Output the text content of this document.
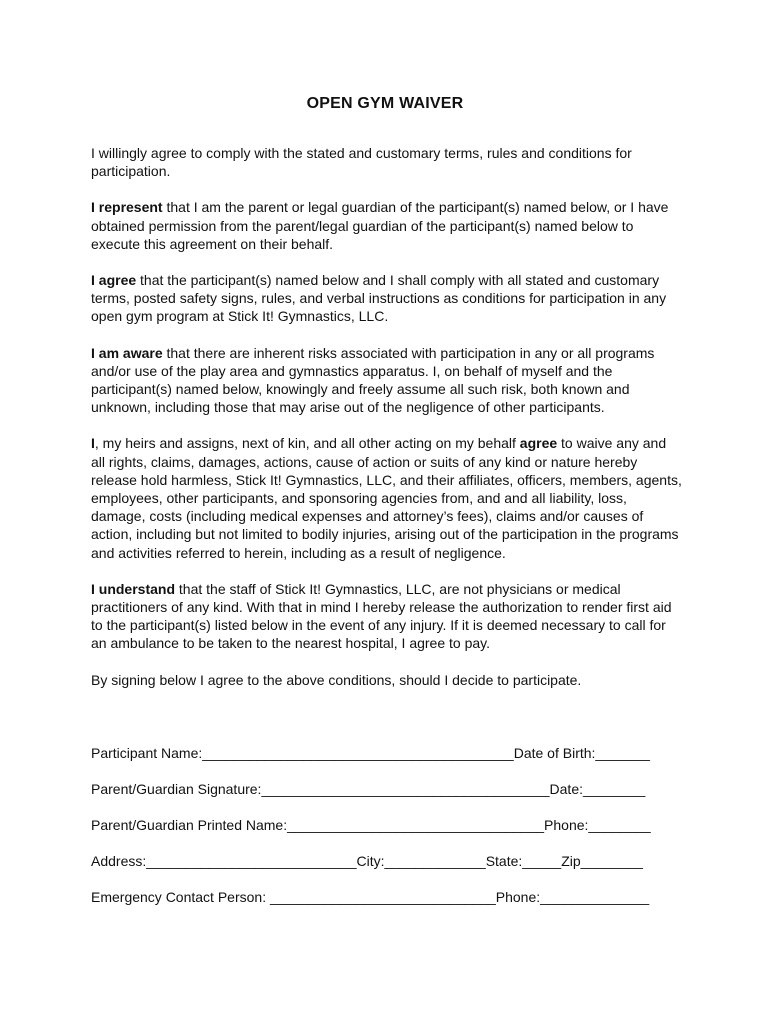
OPEN GYM WAIVER

I willingly agree to comply with the stated and customary terms, rules and conditions for participation.

I represent that I am the parent or legal guardian of the participant(s) named below, or I have obtained permission from the parent/legal guardian of the participant(s) named below to execute this agreement on their behalf.

I agree that the participant(s) named below and I shall comply with all stated and customary terms, posted safety signs, rules, and verbal instructions as conditions for participation in any open gym program at Stick It! Gymnastics, LLC.

I am aware that there are inherent risks associated with participation in any or all programs and/or use of the play area and gymnastics apparatus. I, on behalf of myself and the participant(s) named below, knowingly and freely assume all such risk, both known and unknown, including those that may arise out of the negligence of other participants.

I, my heirs and assigns, next of kin, and all other acting on my behalf agree to waive any and all rights, claims, damages, actions, cause of action or suits of any kind or nature hereby release hold harmless, Stick It! Gymnastics, LLC, and their affiliates, officers, members, agents, employees, other participants, and sponsoring agencies from, and and all liability, loss, damage, costs (including medical expenses and attorney’s fees), claims and/or causes of action, including but not limited to bodily injuries, arising out of the participation in the programs and activities referred to herein, including as a result of negligence.

I understand that the staff of Stick It! Gymnastics, LLC, are not physicians or medical practitioners of any kind. With that in mind I hereby release the authorization to render first aid to the participant(s) listed below in the event of any injury. If it is deemed necessary to call for an ambulance to be taken to the nearest hospital, I agree to pay.

By signing below I agree to the above conditions, should I decide to participate.

Participant Name:________________________________________Date of Birth:_______
Parent/Guardian Signature:_____________________________________Date:________
Parent/Guardian Printed Name:_________________________________Phone:________
Address:___________________________City:_____________State:_____Zip________
Emergency Contact Person: _____________________________Phone:______________
